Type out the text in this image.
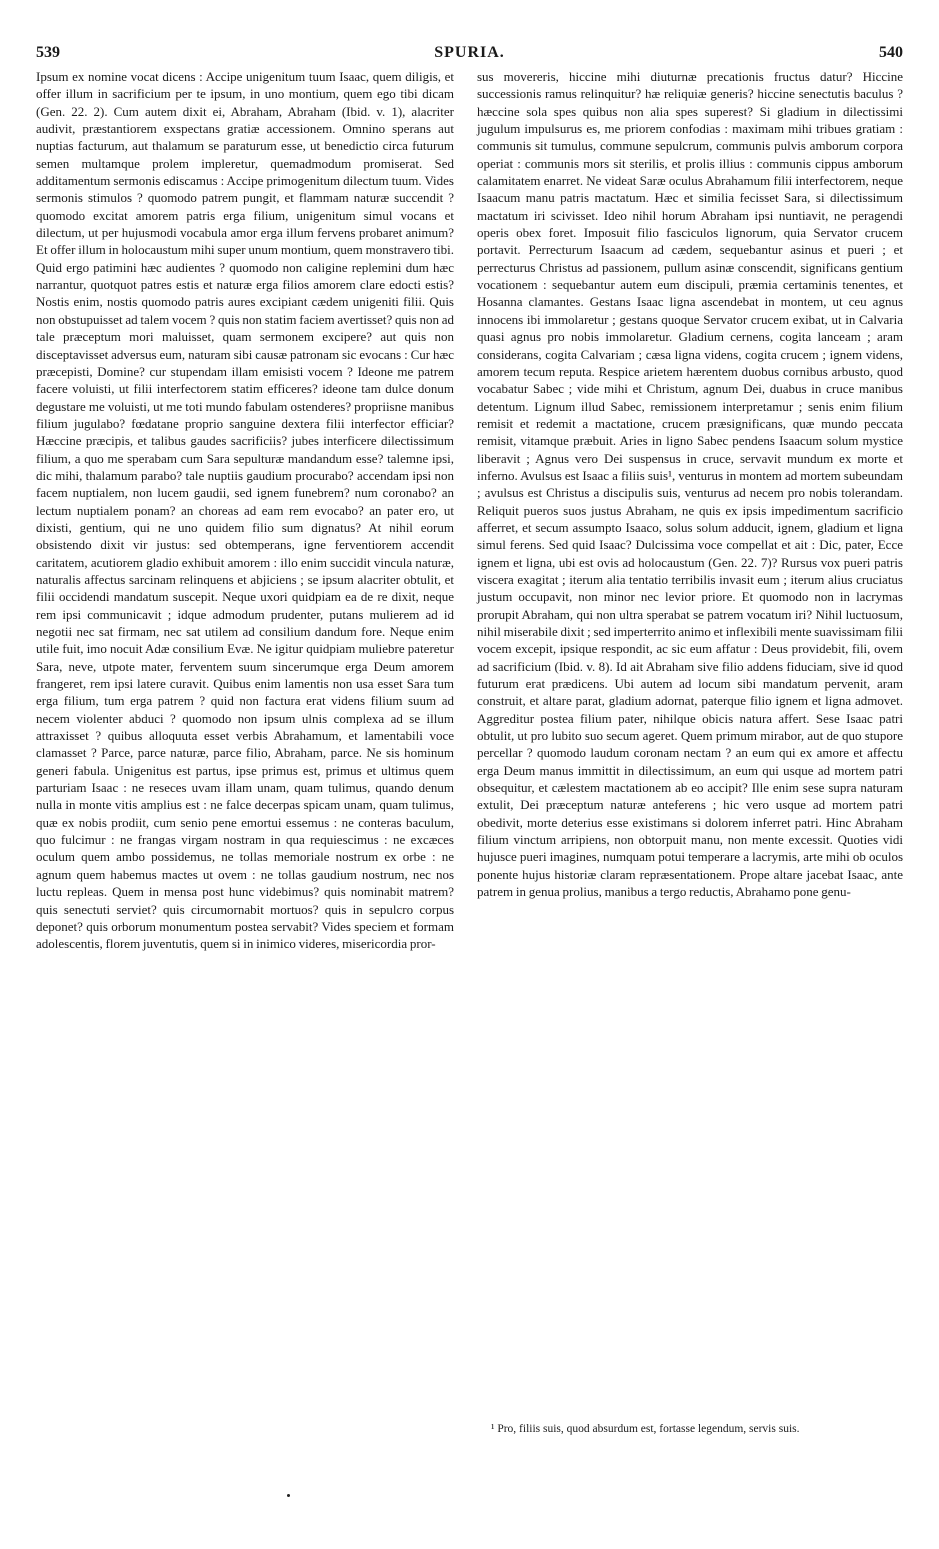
539	SPURIA.	540

Ipsum ex nomine vocat dicens : Accipe unigenitum tuum Isaac, quem diligis, et offer illum in sacrificium per te ipsum, in uno montium, quem ego tibi dicam (Gen. 22. 2). Cum autem dixit ei, Abraham, Abraham (Ibid. v. 1), alacriter audivit, præstantiorem exspectans gratiæ accessionem. Omnino sperans aut nuptias facturum, aut thalamum se paraturum esse, ut benedictio circa futurum semen multamque prolem impleretur, quemadmodum promiserat. Sed additamentum sermonis ediscamus : Accipe primogenitum dilectum tuum. Vides sermonis stimulos ? quomodo patrem pungit, et flammam naturæ succendit ? quomodo excitat amorem patris erga filium, unigenitum simul vocans et dilectum, ut per hujusmodi vocabula amor erga illum fervens probaret animum? Et offer illum in holocaustum mihi super unum montium, quem monstravero tibi. Quid ergo patimini hæc audientes ? quomodo non caligine replemini dum hæc narrantur, quotquot patres estis et naturæ erga filios amorem clare edocti estis? Nostis enim, nostis quomodo patris aures excipiant cædem unigeniti filii. Quis non obstupuisset ad talem vocem ? quis non statim faciem avertisset? quis non ad tale præceptum mori maluisset, quam sermonem excipere? aut quis non disceptavisset adversus eum, naturam sibi causæ patronam sic evocans : Cur hæc præcepisti, Domine? cur stupendam illam emisisti vocem ? Ideone me patrem facere voluisti, ut filii interfectorem statim efficeres? ideone tam dulce donum degustare me voluisti, ut me toti mundo fabulam ostenderes? propriisne manibus filium jugulabo? fœdatane proprio sanguine dextera filii interfector efficiar? Hæccine præcipis, et talibus gaudes sacrificiis? jubes interficere dilectissimum filium, a quo me sperabam cum Sara sepulturæ mandandum esse? talemne ipsi, dic mihi, thalamum parabo? tale nuptiis gaudium procurabo? accendam ipsi non facem nuptialem, non lucem gaudii, sed ignem funebrem? num coronabo? an lectum nuptialem ponam? an choreas ad eam rem evocabo? an pater ero, ut dixisti, gentium, qui ne uno quidem filio sum dignatus? At nihil eorum obsistendo dixit vir justus: sed obtemperans, igne ferventiorem accendit caritatem, acutiorem gladio exhibuit amorem : illo enim succidit vincula naturæ, naturalis affectus sarcinam relinquens et abjiciens ; se ipsum alacriter obtulit, et filii occidendi mandatum suscepit. Neque uxori quidpiam ea de re dixit, neque rem ipsi communicavit ; idque admodum prudenter, putans mulierem ad id negotii nec sat firmam, nec sat utilem ad consilium dandum fore. Neque enim utile fuit, imo nocuit Adæ consilium Evæ. Ne igitur quidpiam muliebre pateretur Sara, neve, utpote mater, ferventem suum sincerumque erga Deum amorem frangeret, rem ipsi latere curavit. Quibus enim lamentis non usa esset Sara tum erga filium, tum erga patrem ? quid non factura erat videns filium suum ad necem violenter abduci ? quomodo non ipsum ulnis complexa ad se illum attraxisset ? quibus alloquuta esset verbis Abrahamum, et lamentabili voce clamasset ? Parce, parce naturæ, parce filio, Abraham, parce. Ne sis hominum generi fabula. Unigenitus est partus, ipse primus est, primus et ultimus quem parturiam Isaac : ne reseces uvam illam unam, quam tulimus, quando denum nulla in monte vitis amplius est : ne falce decerpas spicam unam, quam tulimus, quæ ex nobis prodiit, cum senio pene emortui essemus : ne conteras baculum, quo fulcimur : ne frangas virgam nostram in qua requiescimus : ne excæces oculum quem ambo possidemus, ne tollas memoriale nostrum ex orbe : ne agnum quem habemus mactes ut ovem : ne tollas gaudium nostrum, nec nos luctu repleas. Quem in mensa post hunc videbimus? quis nominabit matrem? quis senectuti serviet? quis circumornabit mortuos? quis in sepulcro corpus deponet? quis orborum monumentum postea servabit? Vides speciem et formam adolescentis, florem juventutis, quem si in inimico videres, misericordia pror-

sus movereris, hiccine mihi diuturnæ precationis fructus datur? Hiccine successionis ramus relinquitur? hæ reliquiæ generis? hiccine senectutis baculus ? hæccine sola spes quibus non alia spes superest? Si gladium in dilectissimi jugulum impulsurus es, me priorem confodias : maximam mihi tribues gratiam : communis sit tumulus, commune sepulcrum, communis pulvis amborum corpora operiat : communis mors sit sterilis, et prolis illius : communis cippus amborum calamitatem enarret. Ne videat Saræ oculus Abrahamum filii interfectorem, neque Isaacum manu patris mactatum. Hæc et similia fecisset Sara, si dilectissimum mactatum iri scivisset. Ideo nihil horum Abraham ipsi nuntiavit, ne peragendi operis obex foret. Imposuit filio fasciculos lignorum, quia Servator crucem portavit. Perrecturum Isaacum ad cædem, sequebantur asinus et pueri ; et perrecturus Christus ad passionem, pullum asinæ conscendit, significans gentium vocationem : sequebantur autem eum discipuli, præmia certaminis tenentes, et Hosanna clamantes. Gestans Isaac ligna ascendebat in montem, ut ceu agnus innocens ibi immolaretur ; gestans quoque Servator crucem exibat, ut in Calvaria quasi agnus pro nobis immolaretur. Gladium cernens, cogita lanceam ; aram considerans, cogita Calvariam ; cæsa ligna videns, cogita crucem ; ignem videns, amorem tecum reputa. Respice arietem hærentem duobus cornibus arbusto, quod vocabatur Sabec ; vide mihi et Christum, agnum Dei, duabus in cruce manibus detentum. Lignum illud Sabec, remissionem interpretamur ; senis enim filium remisit et redemit a mactatione, crucem præsignificans, quæ mundo peccata remisit, vitamque præbuit. Aries in ligno Sabec pendens Isaacum solum mystice liberavit ; Agnus vero Dei suspensus in cruce, servavit mundum ex morte et inferno. Avulsus est Isaac a filiis suis¹, venturus in montem ad mortem subeundam ; avulsus est Christus a discipulis suis, venturus ad necem pro nobis tolerandam. Reliquit pueros suos justus Abraham, ne quis ex ipsis impedimentum sacrificio afferret, et secum assumpto Isaaco, solus solum adducit, ignem, gladium et ligna simul ferens. Sed quid Isaac? Dulcissima voce compellat et ait : Dic, pater, Ecce ignem et ligna, ubi est ovis ad holocaustum (Gen. 22. 7)? Rursus vox pueri patris viscera exagitat ; iterum alia tentatio terribilis invasit eum ; iterum alius cruciatus justum occupavit, non minor nec levior priore. Et quomodo non in lacrymas prorupit Abraham, qui non ultra sperabat se patrem vocatum iri? Nihil luctuosum, nihil miserabile dixit ; sed imperterrito animo et inflexibili mente suavissimam filii vocem excepit, ipsique respondit, ac sic eum affatur : Deus providebit, fili, ovem ad sacrificium (Ibid. v. 8). Id ait Abraham sive filio addens fiduciam, sive id quod futurum erat prædicens. Ubi autem ad locum sibi mandatum pervenit, aram construit, et altare parat, gladium adornat, paterque filio ignem et ligna admovet. Aggreditur postea filium pater, nihilque obicis natura affert. Sese Isaac patri obtulit, ut pro lubito suo secum ageret. Quem primum mirabor, aut de quo stupore percellar ? quomodo laudum coronam nectam ? an eum qui ex amore et affectu erga Deum manus immittit in dilectissimum, an eum qui usque ad mortem patri obsequitur, et cælestem mactationem ab eo accipit? Ille enim sese supra naturam extulit, Dei præceptum naturæ anteferens ; hic vero usque ad mortem patri obedivit, morte deterius esse existimans si dolorem inferret patri. Hinc Abraham filium vinctum arripiens, non obtorpuit manu, non mente excessit. Quoties vidi hujusce pueri imagines, numquam potui temperare a lacrymis, arte mihi ob oculos ponente hujus historiæ claram repræsentationem. Prope altare jacebat Isaac, ante patrem in genua prolius, manibus a tergo reductis, Abrahamo pone genu-

¹ Pro, filiis suis, quod absurdum est, fortasse legendum, servis suis.
